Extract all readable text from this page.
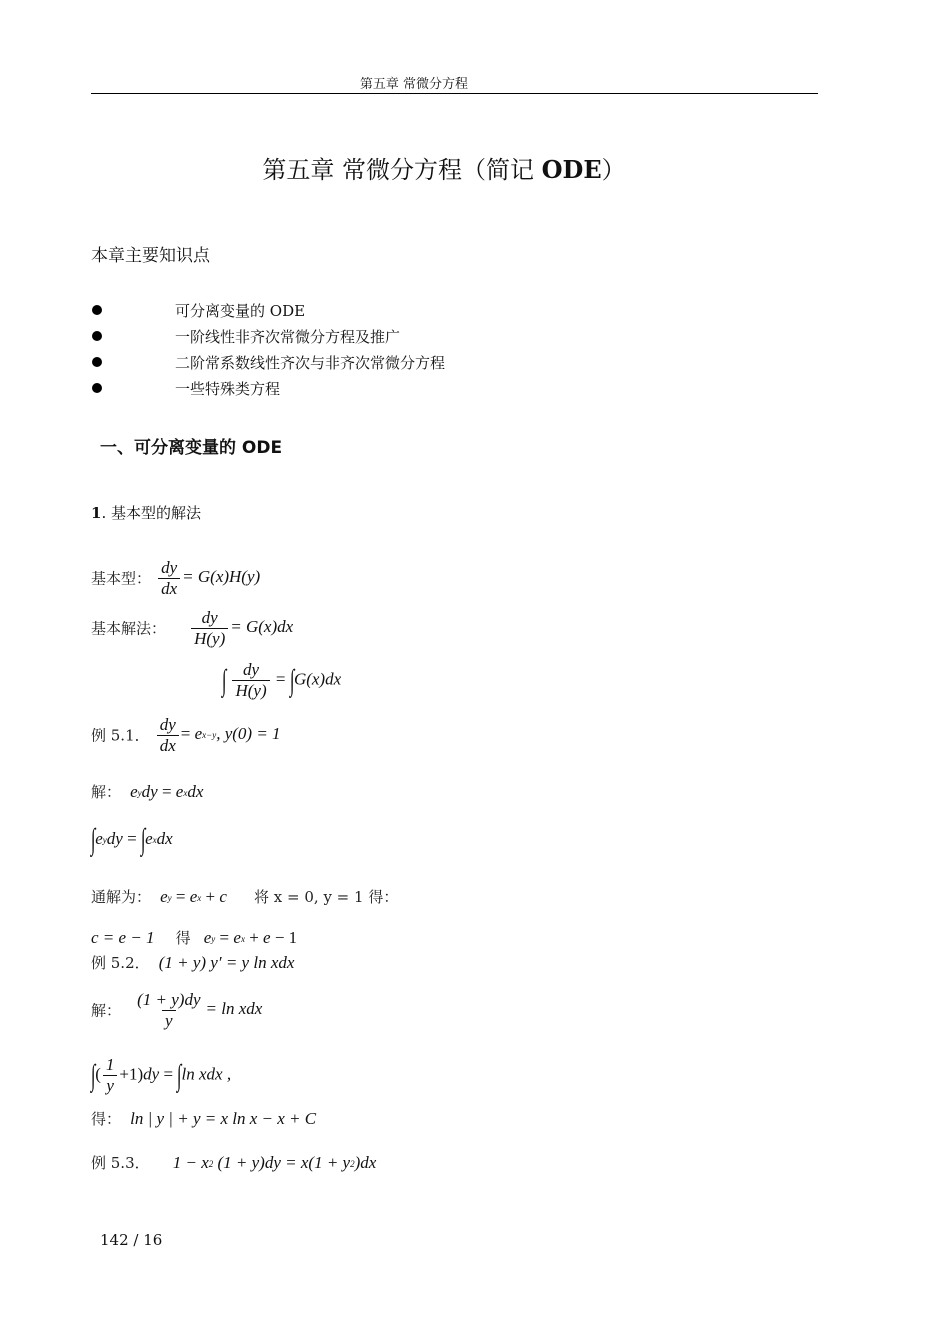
第五章 常微分方程
第五章 常微分方程（简记 ODE）
本章主要知识点
可分离变量的 ODE
一阶线性非齐次常微分方程及推广
二阶常系数线性齐次与非齐次常微分方程
一些特殊类方程
一、可分离变量的 ODE
1. 基本型的解法
基本型： $\frac{dy}{dx} = G(x)H(y)$
基本解法： $\frac{dy}{H(y)} = G(x)dx$
∫ $\frac{dy}{H(y)} = \int G(x)dx$
例 5.1． $\frac{dy}{dx} = ex-y$, y(0) = 1
解： eydy = exdx
∫eydy = ∫exdx
通解为： ey = ex + c 将 x = 0, y = 1 得：
c = e − 1 得 ey = ex + e − 1
例 5.2． (1 + y) y′ = y ln xdx
解： $\frac{(1 + y)dy}{y} = \ln$ xdx
∫( $\frac{1}{y} +1)dy = \int\ln$ xdx ,
得： ln | y | + y = x ln x − x + C
例 5.3． 1 − x2 (1 + y)dy = x(1 + y2)dx
142 / 16
